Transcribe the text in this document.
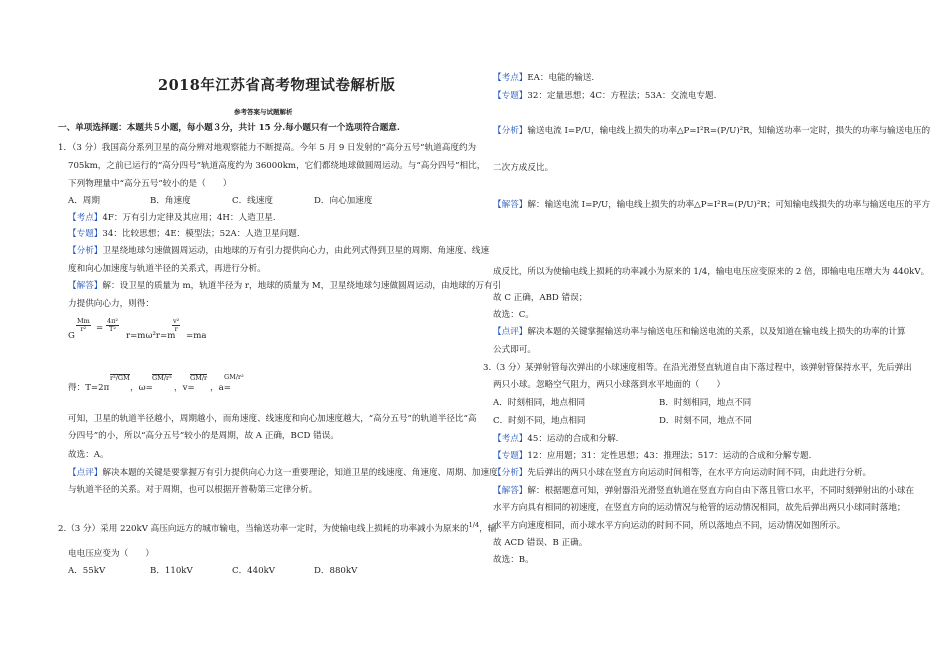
2018年江苏省高考物理试卷解析版
参考答案与试题解析
一、单项选择题：本题共５小题，每小题３分，共计 15 分.每小题只有一个选项符合题意.
1．（3 分）我国高分系列卫星的高分辨对地观察能力不断提高。今年 5 月 9 日发射的“高分五号”轨道高度约为
705km，之前已运行的“高分四号”轨道高度约为 36000km，它们都绕地球做圆周运动。与“高分四号”相比，
下列物理量中“高分五号”较小的是（　　）
A．周期	B．角速度	C．线速度	D．向心加速度
【考点】4F：万有引力定律及其应用；4H：人造卫星.
【专题】34：比较思想；4E：模型法；52A：人造卫星问题.
【分析】卫星绕地球匀速做圆周运动，由地球的万有引力提供向心力，由此列式得到卫星的周期、角速度、线速
度和向心加速度与轨道半径的关系式，再进行分析。
【解答】解：设卫星的质量为 m，轨道半径为 r，地球的质量为 M，卫星绕地球匀速做圆周运动，由地球的万有引
力提供向心力，则得：
G
$\frac{Mm}{\text{r²}} = \frac{\text{4π²}}{\text{T²}}$
r=mω²r=m
$\frac{\text{v²}}{r}$
=ma
得：T=2π
r³/GM
，ω=
GM/r³
，v=
GM/r
，a=
GM/r²
可知，卫星的轨道半径越小，周期越小，而角速度、线速度和向心加速度越大，“高分五号”的轨道半径比“高
分四号”的小，所以“高分五号”较小的是周期，故 A 正确，BCD 错误。
故选：A。
【点评】解决本题的关键是要掌握万有引力提供向心力这一重要理论，知道卫星的线速度、角速度、周期、加速度
与轨道半径的关系。对于周期，也可以根据开普勒第三定律分析。
2.（3 分）采用 220kV 高压向远方的城市输电，当输送功率一定时，为使输电线上损耗的功率减小为原来的$^{1/4}$，输
电电压应变为（　　）
A．55kV	B．110kV	C．440kV	D．880kV
【考点】EA：电能的输送.
【专题】32：定量思想；4C：方程法；53A：交流电专题.
【分析】输送电流 I=P/U，输电线上损失的功率△P=I²R=(P/U)²R，知输送功率一定时，损失的功率与输送电压的
二次方成反比。
【解答】解：输送电流 I=P/U，输电线上损失的功率△P=I²R=(P/U)²R；可知输电线损失的功率与输送电压的平方
成反比，所以为使输电线上损耗的功率减小为原来的 1/4，输电电压应变原来的 2 倍，即输电电压增大为 440kV。
故 C 正确，ABD 错误；
故选：C。
【点评】解决本题的关键掌握输送功率与输送电压和输送电流的关系，以及知道在输电线上损失的功率的计算
公式即可。
3.（3 分）某弹射管每次弹出的小球速度相等。在沿光滑竖直轨道自由下落过程中，该弹射管保持水平，先后弹出
两只小球。忽略空气阻力，两只小球落到水平地面的（　　）
A．时刻相同，地点相同	B．时刻相同，地点不同
C．时刻不同，地点相同	D．时刻不同，地点不同
【考点】45：运动的合成和分解.
【专题】12：应用题；31：定性思想；43：推理法；517：运动的合成和分解专题.
【分析】先后弹出的两只小球在竖直方向运动时间相等，在水平方向运动时间不同，由此进行分析。
【解答】解：根据题意可知，弹射器沿光滑竖直轨道在竖直方向自由下落且管口水平，不同时刻弹射出的小球在
水平方向具有相同的初速度，在竖直方向的运动情况与枪管的运动情况相同，故先后弹出两只小球同时落地；
水平方向速度相同，而小球水平方向运动的时间不同，所以落地点不同，运动情况如图所示。
故 ACD 错误、B 正确。
故选：B。
